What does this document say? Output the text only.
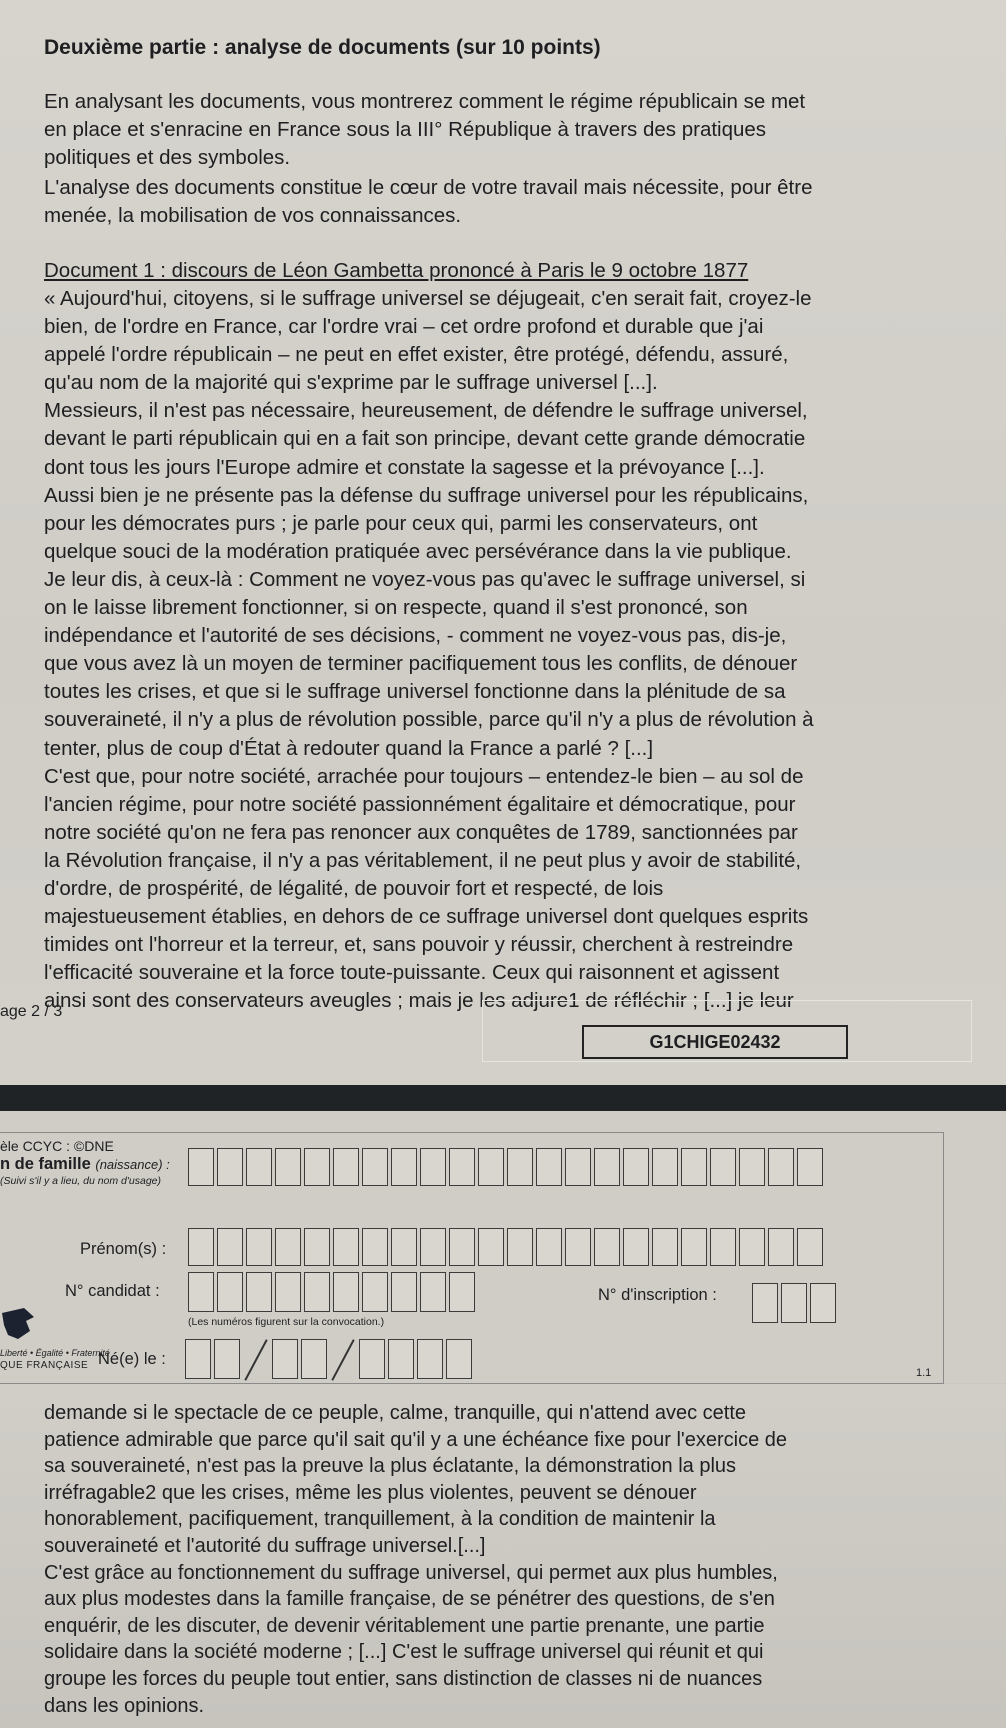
Deuxième partie : analyse de documents (sur 10 points)

En analysant les documents, vous montrerez comment le régime républicain se met
en place et s'enracine en France sous la III° République à travers des pratiques
politiques et des symboles.

L'analyse des documents constitue le cœur de votre travail mais nécessite, pour être
menée, la mobilisation de vos connaissances.

Document 1 : discours de Léon Gambetta prononcé à Paris le 9 octobre 1877

« Aujourd'hui, citoyens, si le suffrage universel se déjugeait, c'en serait fait, croyez-le
bien, de l'ordre en France, car l'ordre vrai – cet ordre profond et durable que j'ai
appelé l'ordre républicain – ne peut en effet exister, être protégé, défendu, assuré,
qu'au nom de la majorité qui s'exprime par le suffrage universel [...].
Messieurs, il n'est pas nécessaire, heureusement, de défendre le suffrage universel,
devant le parti républicain qui en a fait son principe, devant cette grande démocratie
dont tous les jours l'Europe admire et constate la sagesse et la prévoyance [...].
Aussi bien je ne présente pas la défense du suffrage universel pour les républicains,
pour les démocrates purs ; je parle pour ceux qui, parmi les conservateurs, ont
quelque souci de la modération pratiquée avec persévérance dans la vie publique.
Je leur dis, à ceux-là : Comment ne voyez-vous pas qu'avec le suffrage universel, si
on le laisse librement fonctionner, si on respecte, quand il s'est prononcé, son
indépendance et l'autorité de ses décisions, - comment ne voyez-vous pas, dis-je,
que vous avez là un moyen de terminer pacifiquement tous les conflits, de dénouer
toutes les crises, et que si le suffrage universel fonctionne dans la plénitude de sa
souveraineté, il n'y a plus de révolution possible, parce qu'il n'y a plus de révolution à
tenter, plus de coup d'État à redouter quand la France a parlé ? [...]
C'est que, pour notre société, arrachée pour toujours – entendez-le bien – au sol de
l'ancien régime, pour notre société passionnément égalitaire et démocratique, pour
notre société qu'on ne fera pas renoncer aux conquêtes de 1789, sanctionnées par
la Révolution française, il n'y a pas véritablement, il ne peut plus y avoir de stabilité,
d'ordre, de prospérité, de légalité, de pouvoir fort et respecté, de lois
majestueusement établies, en dehors de ce suffrage universel dont quelques esprits
timides ont l'horreur et la terreur, et, sans pouvoir y réussir, cherchent à restreindre
l'efficacité souveraine et la force toute-puissante. Ceux qui raisonnent et agissent
ainsi sont des conservateurs aveugles ; mais je les adjure1 de réfléchir ; [...] je leur

age 2 / 3
G1CHIGE02432
èle CCYC : ©DNE
n de famille (naissance) :
(Suivi s'il y a lieu, du nom d'usage)
Prénom(s) :
N° candidat :	N° d'inscription :
(Les numéros figurent sur la convocation.)
Liberté • Égalité • Fraternité
QUE FRANÇAISE Né(e) le :
1.1

demande si le spectacle de ce peuple, calme, tranquille, qui n'attend avec cette
patience admirable que parce qu'il sait qu'il y a une échéance fixe pour l'exercice de
sa souveraineté, n'est pas la preuve la plus éclatante, la démonstration la plus
irréfragable2 que les crises, même les plus violentes, peuvent se dénouer
honorablement, pacifiquement, tranquillement, à la condition de maintenir la
souveraineté et l'autorité du suffrage universel.[...]
C'est grâce au fonctionnement du suffrage universel, qui permet aux plus humbles,
aux plus modestes dans la famille française, de se pénétrer des questions, de s'en
enquérir, de les discuter, de devenir véritablement une partie prenante, une partie
solidaire dans la société moderne ; [...] C'est le suffrage universel qui réunit et qui
groupe les forces du peuple tout entier, sans distinction de classes ni de nuances
dans les opinions.
